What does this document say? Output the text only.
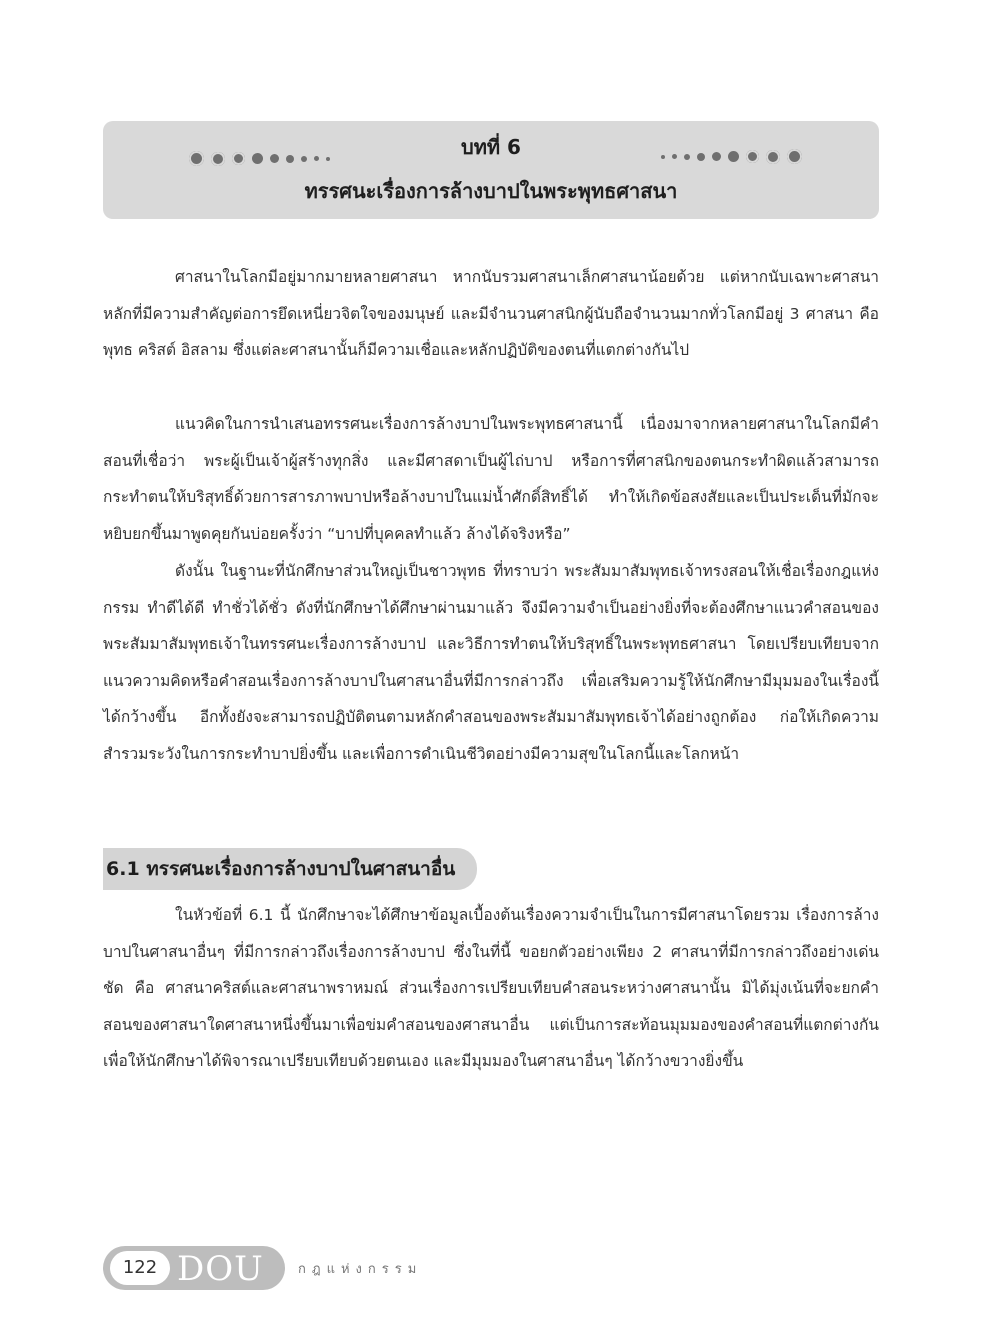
บทที่ 6
ทรรศนะเรื่องการล้างบาปในพระพุทธศาสนา

ศาสนาในโลกมีอยู่มากมายหลายศาสนา หากนับรวมศาสนาเล็กศาสนาน้อยด้วย แต่หากนับเฉพาะศาสนาหลักที่มีความสำคัญต่อการยึดเหนี่ยวจิตใจของมนุษย์ และมีจำนวนศาสนิกผู้นับถือจำนวนมากทั่วโลกมีอยู่ 3 ศาสนา คือ พุทธ คริสต์ อิสลาม ซึ่งแต่ละศาสนานั้นก็มีความเชื่อและหลักปฏิบัติของตนที่แตกต่างกันไป

แนวคิดในการนำเสนอทรรศนะเรื่องการล้างบาปในพระพุทธศาสนานี้ เนื่องมาจากหลายศาสนาในโลกมีคำสอนที่เชื่อว่า พระผู้เป็นเจ้าผู้สร้างทุกสิ่ง และมีศาสดาเป็นผู้ไถ่บาป หรือการที่ศาสนิกของตนกระทำผิดแล้วสามารถกระทำตนให้บริสุทธิ์ด้วยการสารภาพบาปหรือล้างบาปในแม่น้ำศักดิ์สิทธิ์ได้ ทำให้เกิดข้อสงสัยและเป็นประเด็นที่มักจะหยิบยกขึ้นมาพูดคุยกันบ่อยครั้งว่า “บาปที่บุคคลทำแล้ว ล้างได้จริงหรือ”

ดังนั้น ในฐานะที่นักศึกษาส่วนใหญ่เป็นชาวพุทธ ที่ทราบว่า พระสัมมาสัมพุทธเจ้าทรงสอนให้เชื่อเรื่องกฎแห่งกรรม ทำดีได้ดี ทำชั่วได้ชั่ว ดังที่นักศึกษาได้ศึกษาผ่านมาแล้ว จึงมีความจำเป็นอย่างยิ่งที่จะต้องศึกษาแนวคำสอนของพระสัมมาสัมพุทธเจ้าในทรรศนะเรื่องการล้างบาป และวิธีการทำตนให้บริสุทธิ์ในพระพุทธศาสนา โดยเปรียบเทียบจากแนวความคิดหรือคำสอนเรื่องการล้างบาปในศาสนาอื่นที่มีการกล่าวถึง เพื่อเสริมความรู้ให้นักศึกษามีมุมมองในเรื่องนี้ได้กว้างขึ้น อีกทั้งยังจะสามารถปฏิบัติตนตามหลักคำสอนของพระสัมมาสัมพุทธเจ้าได้อย่างถูกต้อง ก่อให้เกิดความสำรวมระวังในการกระทำบาปยิ่งขึ้น และเพื่อการดำเนินชีวิตอย่างมีความสุขในโลกนี้และโลกหน้า

6.1 ทรรศนะเรื่องการล้างบาปในศาสนาอื่น

ในหัวข้อที่ 6.1 นี้ นักศึกษาจะได้ศึกษาข้อมูลเบื้องต้นเรื่องความจำเป็นในการมีศาสนาโดยรวม เรื่องการล้างบาปในศาสนาอื่นๆ ที่มีการกล่าวถึงเรื่องการล้างบาป ซึ่งในที่นี้ ขอยกตัวอย่างเพียง 2 ศาสนาที่มีการกล่าวถึงอย่างเด่นชัด คือ ศาสนาคริสต์และศาสนาพราหมณ์ ส่วนเรื่องการเปรียบเทียบคำสอนระหว่างศาสนานั้น มิได้มุ่งเน้นที่จะยกคำสอนของศาสนาใดศาสนาหนึ่งขึ้นมาเพื่อข่มคำสอนของศาสนาอื่น แต่เป็นการสะท้อนมุมมองของคำสอนที่แตกต่างกัน เพื่อให้นักศึกษาได้พิจารณาเปรียบเทียบด้วยตนเอง และมีมุมมองในศาสนาอื่นๆ ได้กว้างขวางยิ่งขึ้น

122 DOU	กฎแห่งกรรม
